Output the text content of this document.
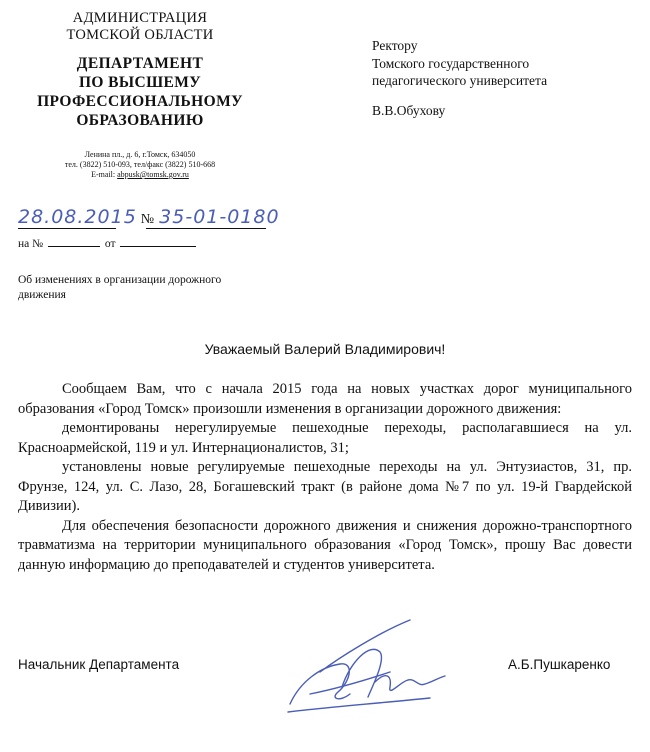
АДМИНИСТРАЦИЯ
ТОМСКОЙ ОБЛАСТИ
ДЕПАРТАМЕНТ
ПО ВЫСШЕМУ
ПРОФЕССИОНАЛЬНОМУ
ОБРАЗОВАНИЮ
Ленина пл., д. 6, г.Томск, 634050
тел. (3822) 510-093, тел/факс (3822) 510-668
E-mail: abpusk@tomsk.gov.ru
Ректору
Томского государственного
педагогического университета
В.В.Обухову
28.08.2015 № 35-01-0180
на №	от
Об изменениях в организации дорожного движения
Уважаемый Валерий Владимирович!

Сообщаем Вам, что с начала 2015 года на новых участках дорог муниципального образования «Город Томск» произошли изменения в организации дорожного движения:

демонтированы нерегулируемые пешеходные переходы, располагавшиеся на ул. Красноармейской, 119 и ул. Интернационалистов, 31;

установлены новые регулируемые пешеходные переходы на ул. Энтузиастов, 31, пр. Фрунзе, 124, ул. С. Лазо, 28, Богашевский тракт (в районе дома №7 по ул. 19-й Гвардейской Дивизии).

Для обеспечения безопасности дорожного движения и снижения дорожно-транспортного травматизма на территории муниципального образования «Город Томск», прошу Вас довести данную информацию до преподавателей и студентов университета.

Начальник Департамента	А.Б.Пушкаренко
